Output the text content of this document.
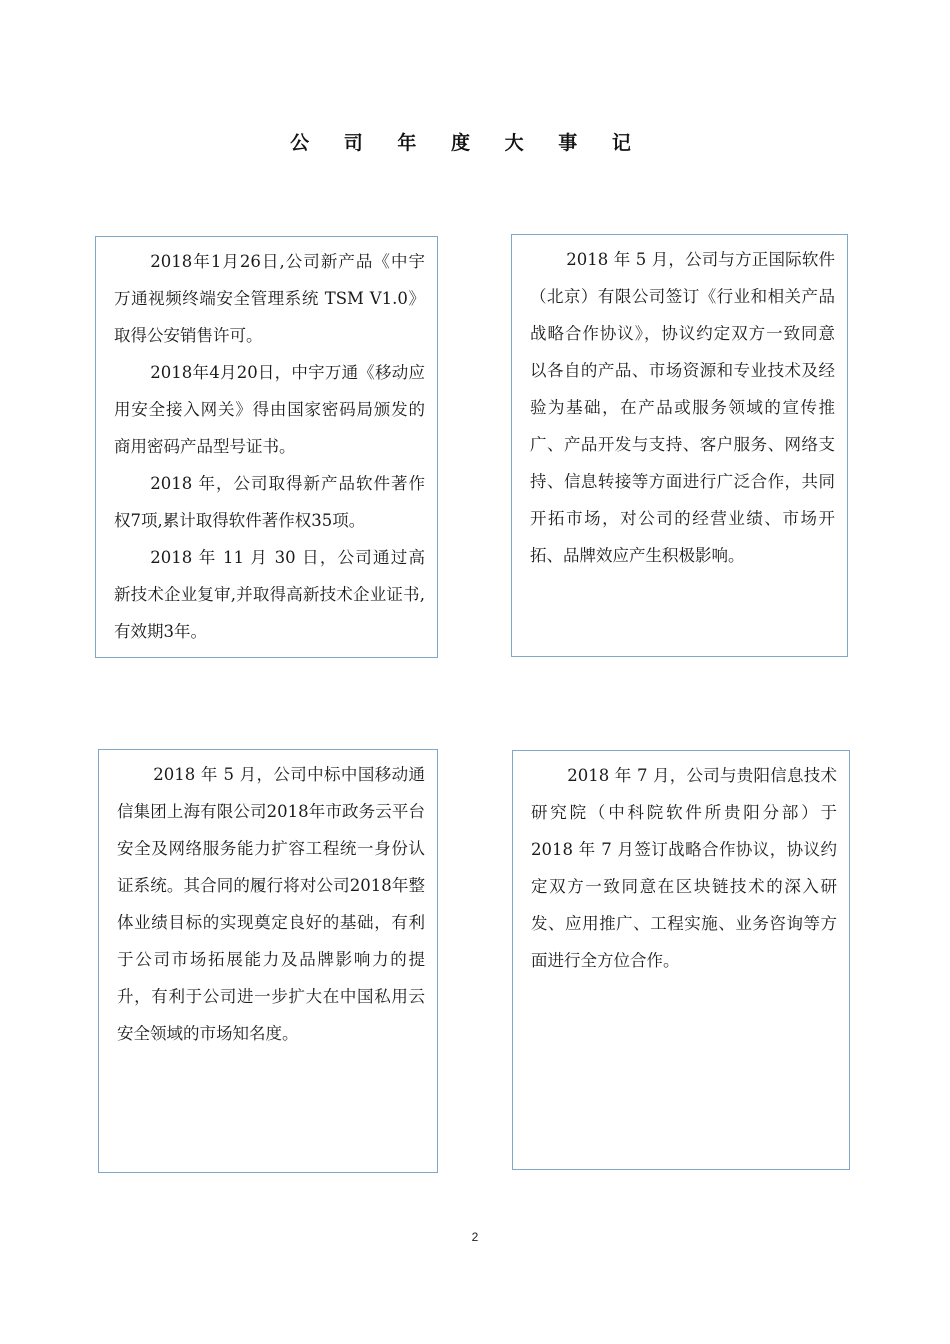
公 司 年 度 大 事 记

2018年1月26日,公司新产品《中宇万通视频终端安全管理系统 TSM V1.0》取得公安销售许可。

2018年4月20日，中宇万通《移动应用安全接入网关》得由国家密码局颁发的商用密码产品型号证书。

2018 年，公司取得新产品软件著作权7项,累计取得软件著作权35项。

2018 年 11 月 30 日，公司通过高新技术企业复审,并取得高新技术企业证书,有效期3年。

2018 年 5 月，公司与方正国际软件（北京）有限公司签订《行业和相关产品战略合作协议》，协议约定双方一致同意以各自的产品、市场资源和专业技术及经验为基础，在产品或服务领域的宣传推广、产品开发与支持、客户服务、网络支持、信息转接等方面进行广泛合作，共同开拓市场，对公司的经营业绩、市场开拓、品牌效应产生积极影响。

2018 年 5 月，公司中标中国移动通信集团上海有限公司2018年市政务云平台安全及网络服务能力扩容工程统一身份认证系统。其合同的履行将对公司2018年整体业绩目标的实现奠定良好的基础，有利于公司市场拓展能力及品牌影响力的提升，有利于公司进一步扩大在中国私用云安全领域的市场知名度。

2018 年 7 月，公司与贵阳信息技术研究院（中科院软件所贵阳分部）于 2018 年 7 月签订战略合作协议，协议约定双方一致同意在区块链技术的深入研发、应用推广、工程实施、业务咨询等方面进行全方位合作。

2
